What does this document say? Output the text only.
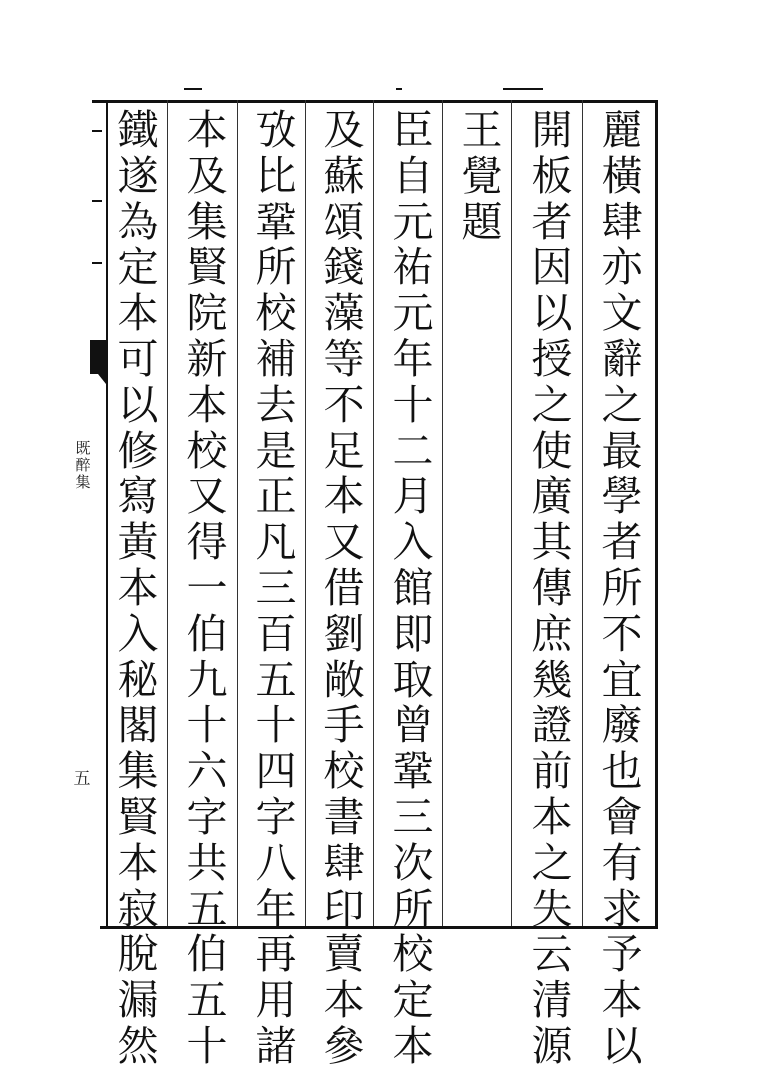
既
醉
集
五
麗
橫
肆
亦
文
辭
之
最
學
者
所
不
宜
廢
也
會
有
求
予
本
以
開
板
者
因
以
授
之
使
廣
其
傳
庶
幾
證
前
本
之
失
云
清
源
王
覺
題
臣
自
元
祐
元
年
十
二
月
入
館
即
取
曾
鞏
三
次
所
校
定
本
及
蘇
頌
錢
藻
等
不
足
本
又
借
劉
敞
手
校
書
肆
印
賣
本
參
攷
比
鞏
所
校
補
去
是
正
凡
三
百
五
十
四
字
八
年
再
用
諸
本
及
集
賢
院
新
本
校
又
得
一
伯
九
十
六
字
共
五
伯
五
十
鐵
遂
為
定
本
可
以
修
寫
黃
本
入
秘
閣
集
賢
本
寂
脫
漏
然
